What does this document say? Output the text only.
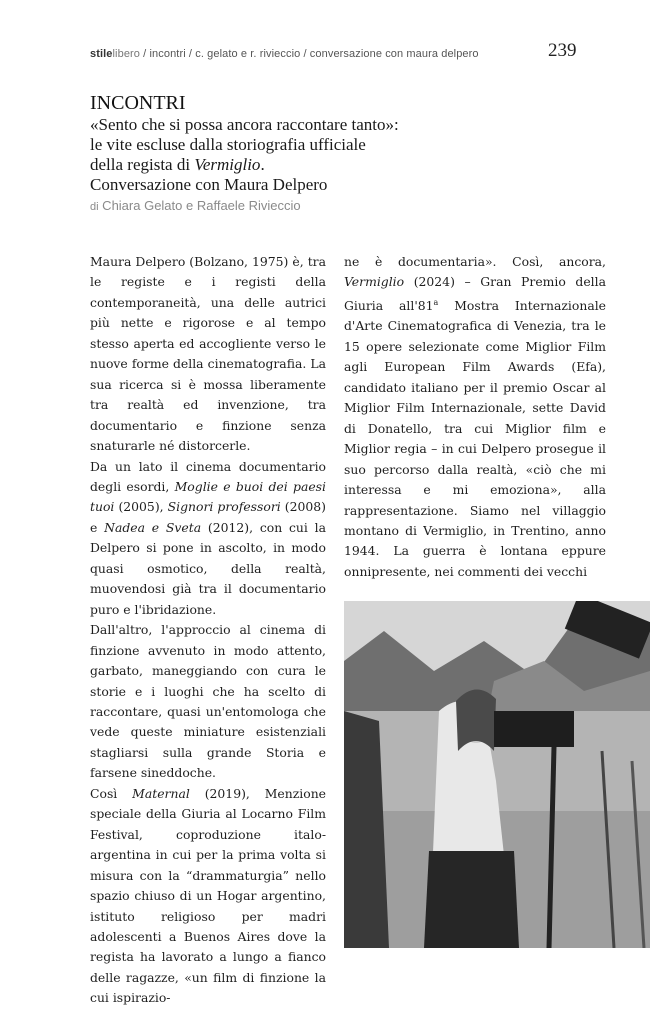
stilelibero / incontri / c. gelato e r. rivieccio / conversazione con maura delpero	239
INCONTRI
«Sento che si possa ancora raccontare tanto»:
le vite escluse dalla storiografia ufficiale
della regista di Vermiglio.
Conversazione con Maura Delpero
di Chiara Gelato e Raffaele Rivieccio

Maura Delpero (Bolzano, 1975) è, tra le registe e i registi della contemporaneità, una delle autrici più nette e rigorose e al tempo stesso aperta ed accogliente verso le nuove forme della cinematografia. La sua ricerca si è mossa liberamente tra realtà ed invenzione, tra documentario e finzione senza snaturarle né distorcerle.

Da un lato il cinema documentario degli esordi, Moglie e buoi dei paesi tuoi (2005), Signori professori (2008) e Nadea e Sveta (2012), con cui la Delpero si pone in ascolto, in modo quasi osmotico, della realtà, muovendosi già tra il documentario puro e l'ibridazione.

Dall'altro, l'approccio al cinema di finzione avvenuto in modo attento, garbato, maneggiando con cura le storie e i luoghi che ha scelto di raccontare, quasi un'entomologa che vede queste miniature esistenziali stagliarsi sulla grande Storia e farsene sineddoche.

Così Maternal (2019), Menzione speciale della Giuria al Locarno Film Festival, coproduzione italo-argentina in cui per la prima volta si misura con la “drammaturgia” nello spazio chiuso di un Hogar argentino, istituto religioso per madri adolescenti a Buenos Aires dove la regista ha lavorato a lungo a fianco delle ragazze, «un film di finzione la cui ispirazio-

ne è documentaria». Così, ancora, Vermiglio (2024) – Gran Premio della Giuria all'81$^a$ Mostra Internazionale d'Arte Cinematografica di Venezia, tra le 15 opere selezionate come Miglior Film agli European Film Awards (Efa), candidato italiano per il premio Oscar al Miglior Film Internazionale, sette David di Donatello, tra cui Miglior film e Miglior regia – in cui Delpero prosegue il suo percorso dalla realtà, «ciò che mi interessa e mi emozionа», alla rappresentazione. Siamo nel villaggio montano di Vermiglio, in Trentino, anno 1944. La guerra è lontana eppure onnipresente, nei commenti dei vecchi
